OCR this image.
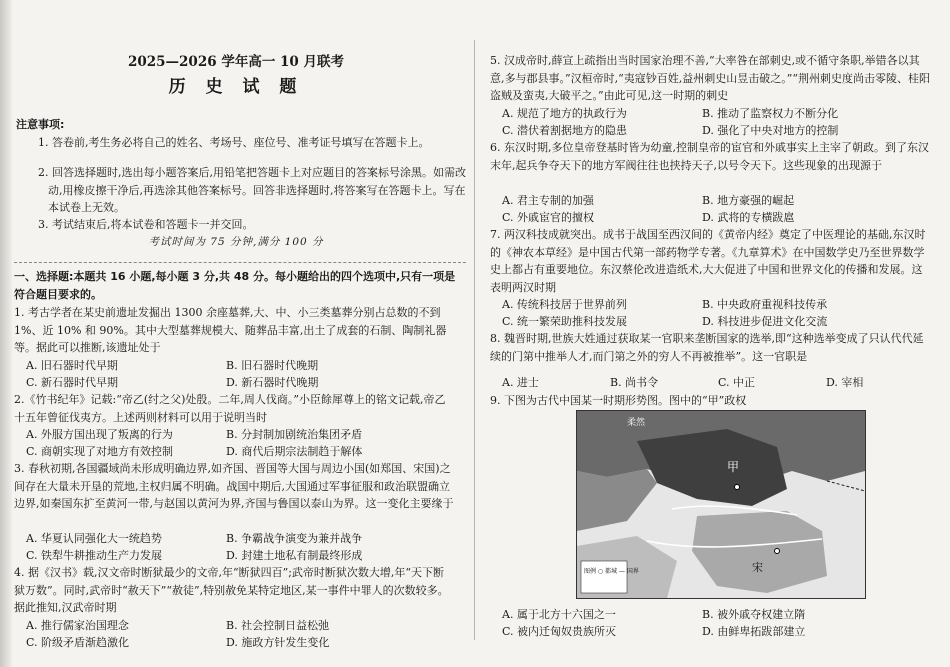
2025—2026 学年高一 10 月联考
历 史 试 题
注意事项:
1. 答卷前,考生务必将自己的姓名、考场号、座位号、准考证号填写在答题卡上。
2. 回答选择题时,选出每小题答案后,用铅笔把答题卡上对应题目的答案标号涂黑。如需改动,用橡皮擦干净后,再选涂其他答案标号。回答非选择题时,将答案写在答题卡上。写在本试卷上无效。
3. 考试结束后,将本试卷和答题卡一并交回。
考试时间为 75 分钟,满分 100 分
一、选择题:本题共 16 小题,每小题 3 分,共 48 分。每小题给出的四个选项中,只有一项是符合题目要求的。
1. 考古学者在某史前遗址发掘出 1300 余座墓葬,大、中、小三类墓葬分别占总数的不到 1%、近 10% 和 90%。其中大型墓葬规模大、随葬品丰富,出土了成套的石制、陶制礼器等。据此可以推断,该遗址处于
A. 旧石器时代早期	B. 旧石器时代晚期
C. 新石器时代早期	D. 新石器时代晚期
2.《竹书纪年》记载:“帝乙(纣之父)处殷。二年,周人伐商。”小臣餘犀尊上的铭文记载,帝乙十五年曾征伐夷方。上述两则材料可以用于说明当时
A. 外服方国出现了叛离的行为	B. 分封制加剧统治集团矛盾
C. 商朝实现了对地方有效控制	D. 商代后期宗法制趋于解体
3. 春秋初期,各国疆域尚未形成明确边界,如齐国、晋国等大国与周边小国(如郑国、宋国)之间存在大量未开垦的荒地,主权归属不明确。战国中期后,大国通过军事征服和政治联盟确立边界,如秦国东扩至黄河一带,与赵国以黄河为界,齐国与鲁国以泰山为界。这一变化主要缘于
A. 华夏认同强化大一统趋势	B. 争霸战争演变为兼并战争
C. 铁犁牛耕推动生产力发展	D. 封建土地私有制最终形成
4. 据《汉书》载,汉文帝时断狱最少的文帝,年“断狱四百”;武帝时断狱次数大增,年“天下断狱万数”。同时,武帝时“赦天下”“赦徒”,特别赦免某特定地区,某一事件中罪人的次数较多。据此推知,汉武帝时期
A. 推行儒家治国理念	B. 社会控制日益松弛
C. 阶级矛盾渐趋激化	D. 施政方针发生变化
5. 汉成帝时,薛宣上疏指出当时国家治理不善,“大率咎在部刺史,或不循守条职,举错各以其意,多与郡县事。”汉桓帝时,“夷寇钞百姓,益州刺史山昱击破之。”“荆州刺史度尚击零陵、桂阳盗贼及蛮夷,大破平之。”由此可见,这一时期的刺史
A. 规范了地方的执政行为	B. 推动了监察权力不断分化
C. 潜伏着割据地方的隐患	D. 强化了中央对地方的控制
6. 东汉时期,多位皇帝登基时皆为幼童,控制皇帝的宦官和外戚事实上主宰了朝政。到了东汉末年,起兵争夺天下的地方军阀往往也挟持天子,以号令天下。这些现象的出现源于
A. 君主专制的加强	B. 地方豪强的崛起
C. 外戚宦官的擅权	D. 武将的专横跋扈
7. 两汉科技成就突出。成书于战国至西汉间的《黄帝内经》奠定了中医理论的基础,东汉时的《神农本草经》是中国古代第一部药物学专著。《九章算术》在中国数学史乃至世界数学史上都占有重要地位。东汉蔡伦改进造纸术,大大促进了中国和世界文化的传播和发展。这表明两汉时期
A. 传统科技居于世界前列	B. 中央政府重视科技传承
C. 统一繁荣助推科技发展	D. 科技进步促进文化交流
8. 魏晋时期,世族大姓通过获取某一官职来垄断国家的选举,即“这种选举变成了只认代代延续的门第中推举人才,而门第之外的穷人不再被推举”。这一官职是
A. 进士	B. 尚书令	C. 中正	D. 宰相
9. 下图为古代中国某一时期形势图。图中的“甲”政权
甲
宋
柔然
图例 ○ 都城 — 国界
A. 属于北方十六国之一	B. 被外戚夺权建立隋
C. 被内迁匈奴贵族所灭	D. 由鲜卑拓跋部建立
